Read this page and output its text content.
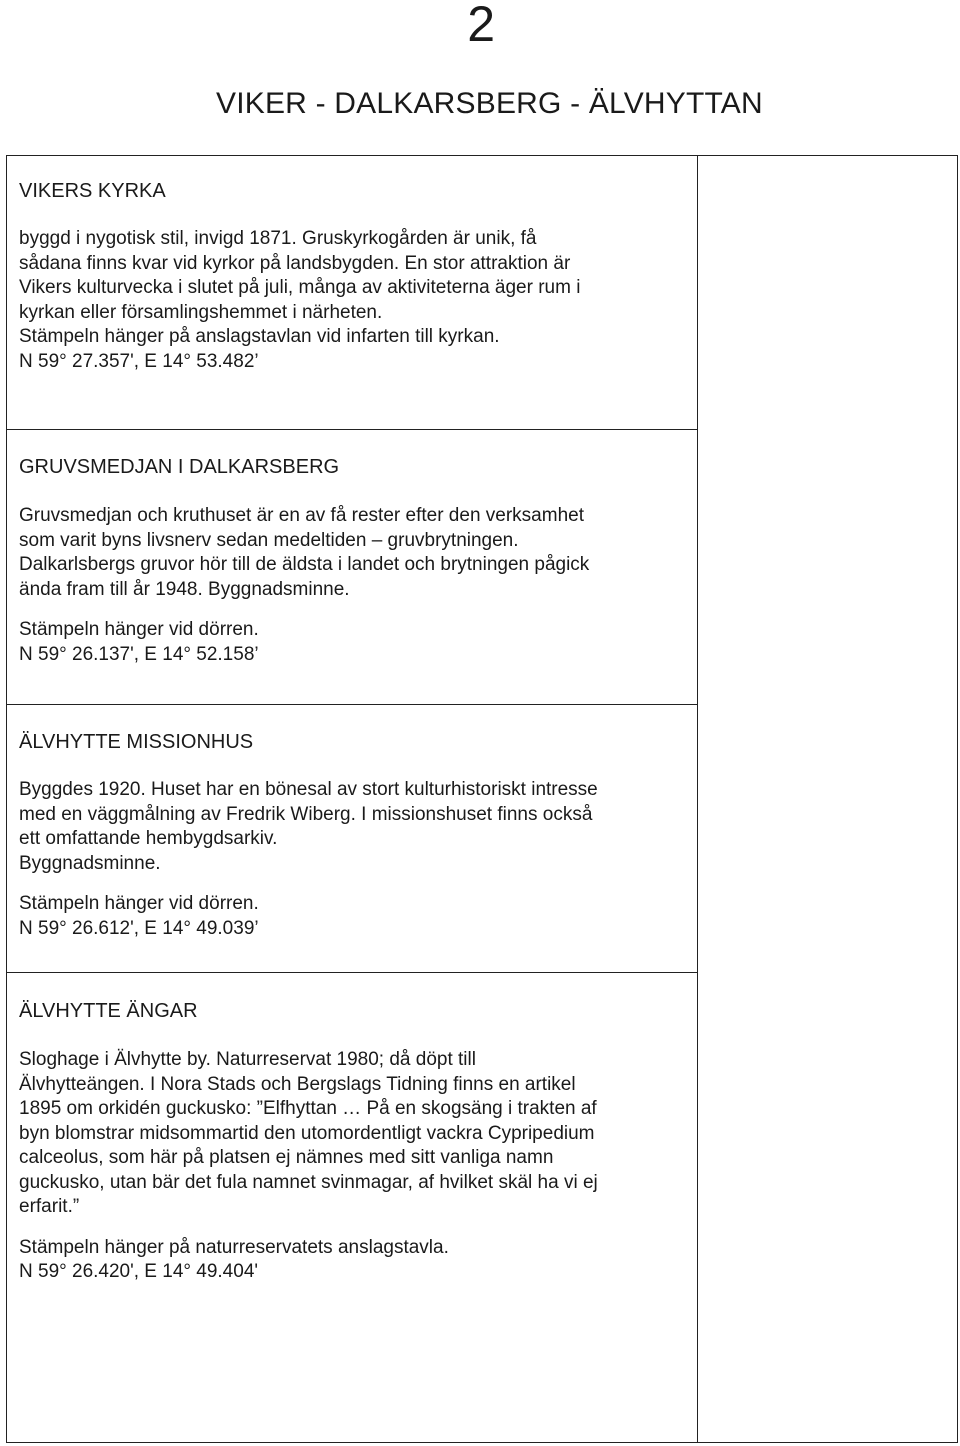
2
VIKER - DALKARSBERG - ÄLVHYTTAN
VIKERS KYRKA
byggd i nygotisk stil, invigd 1871. Gruskyrkogården är unik, få
sådana finns kvar vid kyrkor på landsbygden. En stor attraktion är
Vikers kulturvecka i slutet på juli, många av aktiviteterna äger rum i
kyrkan eller församlingshemmet i närheten.
Stämpeln hänger på anslagstavlan vid infarten till kyrkan.
N 59° 27.357', E 14° 53.482’
GRUVSMEDJAN I DALKARSBERG
Gruvsmedjan och kruthuset är en av få rester efter den verksamhet
som varit byns livsnerv sedan medeltiden – gruvbrytningen.
Dalkarlsbergs gruvor hör till de äldsta i landet och brytningen pågick
ända fram till år 1948. Byggnadsminne.
Stämpeln hänger vid dörren.
N 59° 26.137', E 14° 52.158’
ÄLVHYTTE MISSIONHUS
Byggdes 1920. Huset har en bönesal av stort kulturhistoriskt intresse
med en väggmålning av Fredrik Wiberg. I missionshuset finns också
ett omfattande hembygdsarkiv.
Byggnadsminne.
Stämpeln hänger vid dörren.
N 59° 26.612', E 14° 49.039’
ÄLVHYTTE ÄNGAR
Sloghage i Älvhytte by. Naturreservat 1980; då döpt till
Älvhytteängen. I Nora Stads och Bergslags Tidning finns en artikel
1895 om orkidén guckusko: ”Elfhyttan … På en skogsäng i trakten af
byn blomstrar midsommartid den utomordentligt vackra Cypripedium
calceolus, som här på platsen ej nämnes med sitt vanliga namn
guckusko, utan bär det fula namnet svinmagar, af hvilket skäl ha vi ej
erfarit.”
Stämpeln hänger på naturreservatets anslagstavla.
N 59° 26.420', E 14° 49.404'
